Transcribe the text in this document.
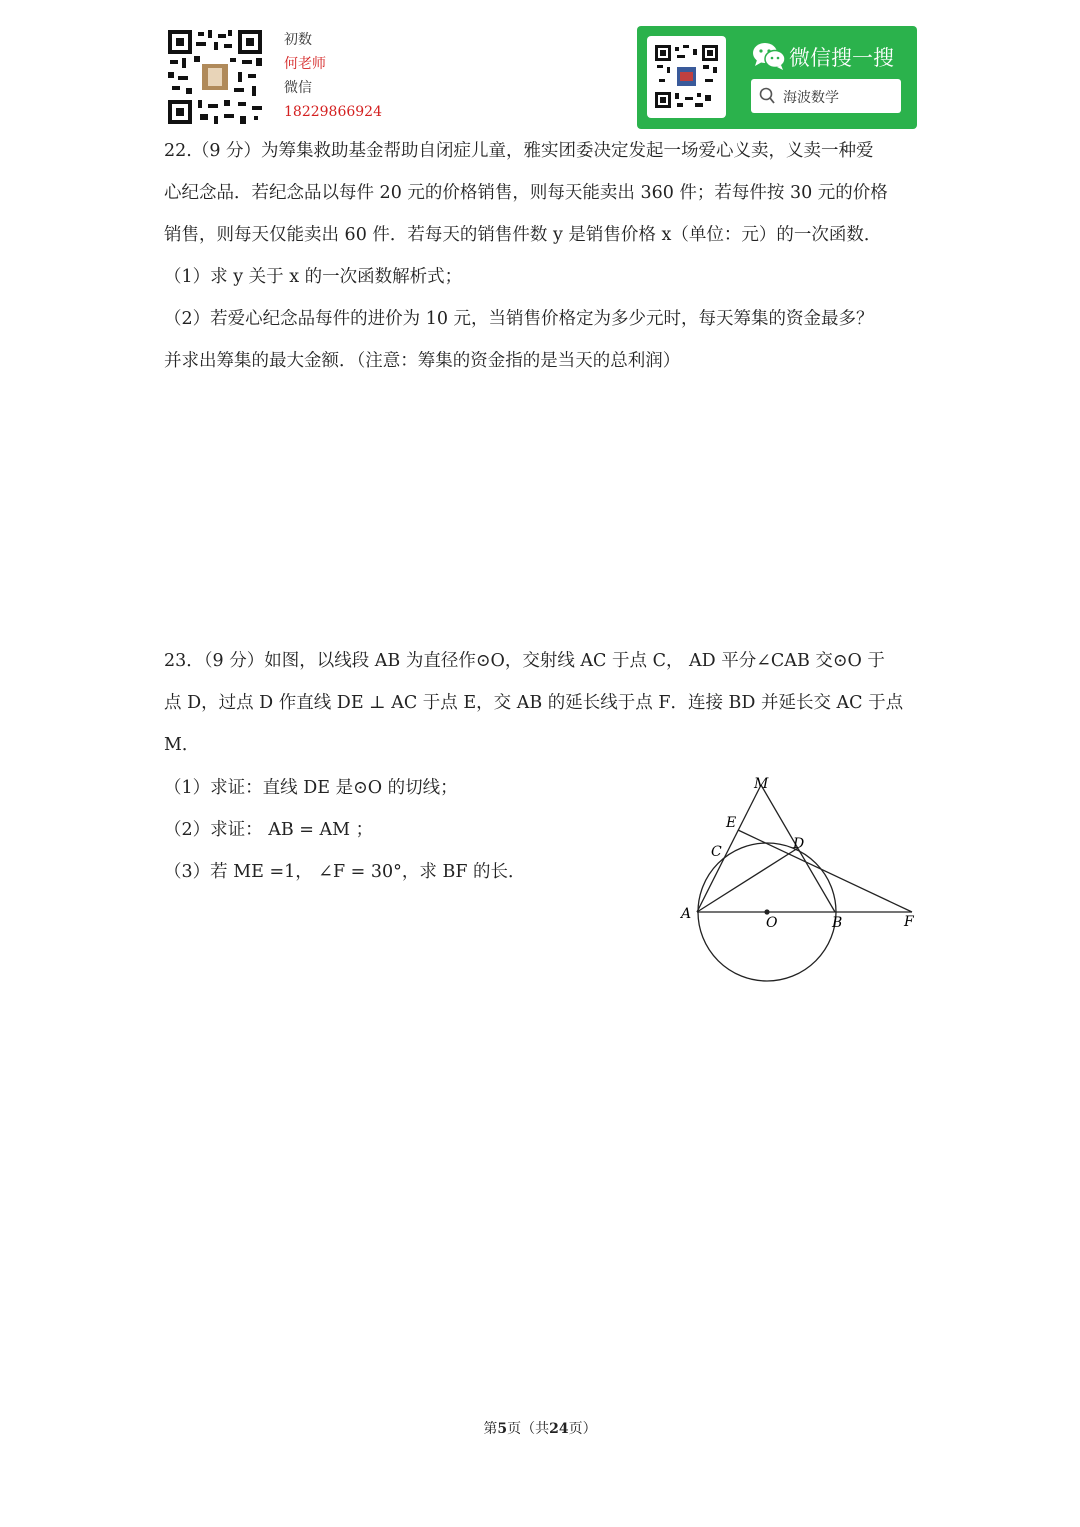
初数
何老师
微信
18229866924
微信搜一搜
海波数学

22.（9 分）为筹集救助基金帮助自闭症儿童，雅实团委决定发起一场爱心义卖，义卖一种爱

心纪念品．若纪念品以每件 20 元的价格销售，则每天能卖出 360 件；若每件按 30 元的价格

销售，则每天仅能卖出 60 件．若每天的销售件数 y 是销售价格 x（单位：元）的一次函数．

（1）求 y 关于 x 的一次函数解析式；

（2）若爱心纪念品每件的进价为 10 元，当销售价格定为多少元时，每天筹集的资金最多？

并求出筹集的最大金额．（注意：筹集的资金指的是当天的总利润）

23．（9 分）如图，以线段 AB 为直径作⊙O，交射线 AC 于点 C， AD 平分∠CAB 交⊙O 于

点 D，过点 D 作直线 DE ⊥ AC 于点 E，交 AB 的延长线于点 F．连接 BD 并延长交 AC 于点

M．

（1）求证：直线 DE 是⊙O 的切线；

（2）求证： AB = AM ；

（3）若 ME =1， ∠F = 30°，求 BF 的长．

M
E
C	D
A
O	B	F
第5页（共24页）
